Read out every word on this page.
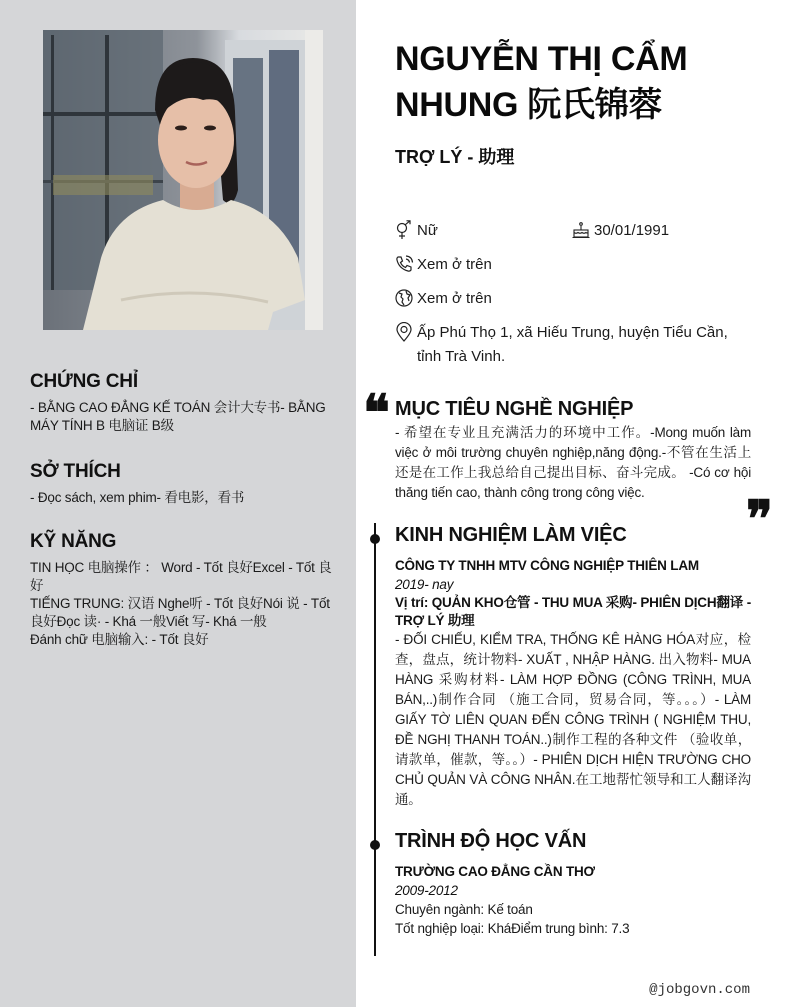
CHỨNG CHỈ
- BẰNG CAO ĐẲNG KẾ TOÁN 会计大专书- BẰNG MÁY TÍNH B 电脑证 B级
SỞ THÍCH
- Đọc sách, xem phim- 看电影，看书
KỸ NĂNG

TIN HỌC 电脑操作 ： Word - Tốt 良好Excel - Tốt 良好

TIẾNG TRUNG: 汉语 Nghe听 - Tốt 良好Nói 说 - Tốt 良好Đọc 读· - Khá 一般Viết 写- Khá 一般

Đánh chữ 电脑输入: - Tốt 良好

NGUYỄN THỊ CẨM NHUNG 阮氏锦蓉
TRỢ LÝ - 助理
Nữ	30/01/1991
Xem ở trên
Xem ở trên
Ấp Phú Thọ 1, xã Hiếu Trung, huyện Tiểu Cần, tỉnh Trà Vinh.
❝ MỤC TIÊU NGHỀ NGHIỆP
- 希望在专业且充满活力的环境中工作。-Mong muốn làm việc ở môi trường chuyên nghiệp,năng động.-不管在生活上还是在工作上我总给自己提出目标、奋斗完成。 -Có cơ hội thăng tiến cao, thành công trong công việc.	❞
KINH NGHIỆM LÀM VIỆC
CÔNG TY TNHH MTV CÔNG NGHIỆP THIÊN LAM
2019- nay
Vị trí: QUẢN KHO仓管 - THU MUA 采购- PHIÊN DỊCH翻译 - TRỢ LÝ 助理
- ĐỐI CHIẾU, KIỂM TRA, THỐNG KÊ HÀNG HÓA对应，检查，盘点，统计物料- XUẤT , NHẬP HÀNG. 出入物料- MUA HÀNG 采购材料- LÀM HỢP ĐỒNG (CÔNG TRÌNH, MUA BÁN,..)制作合同 （施工合同，贸易合同，等。。。）- LÀM GIẤY TỜ LIÊN QUAN ĐẾN CÔNG TRÌNH ( NGHIỆM THU, ĐỀ NGHỊ THANH TOÁN..)制作工程的各种文件 （验收单，请款单，催款，等。。）- PHIÊN DỊCH HIỆN TRƯỜNG CHO CHỦ QUẢN VÀ CÔNG NHÂN.在工地帮忙领导和工人翻译沟通。
TRÌNH ĐỘ HỌC VẤN
TRƯỜNG CAO ĐẲNG CẦN THƠ
2009-2012
Chuyên ngành: Kế toán
Tốt nghiệp loại: KháĐiểm trung bình: 7.3
@jobgovn.com
